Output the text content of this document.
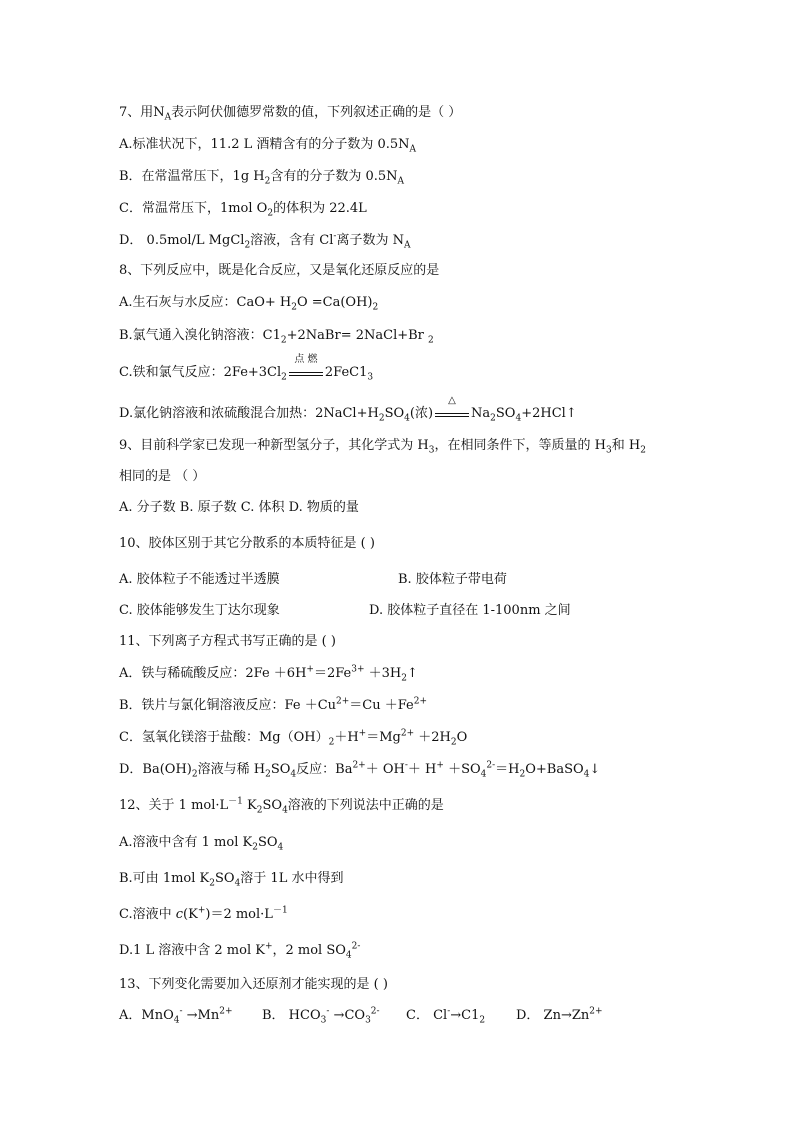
7、用$N_A$表示阿伏伽德罗常数的值，下列叙述正确的是（ ）
A.标准状况下，11.2 L 酒精含有的分子数为 $0.5N_A$
B．在常温常压下，1g $H_2$含有的分子数为 $0.5N_A$
C．常温常压下，1mol $O_2$的体积为 22.4L
D． 0.5mol/L MgCl$_2$溶液，含有 Cl-离子数为 $N_A$
8、下列反应中，既是化合反应，又是氧化还原反应的是
A.生石灰与水反应：$CaO+ H_2O =Ca(OH)_2$
B.氯气通入溴化钠溶液：$C1_2+2NaBr=$ 2NaCl+Br $_2$
C.铁和氯气反应：$2Fe+3Cl_2$
点 燃
$2FeC1_3$
D.氯化钠溶液和浓硫酸混合加热：$2NaCl+H_2SO_4$(浓)
△
$Na_2SO_4+2HCl↑$
9、目前科学家已发现一种新型氢分子，其化学式为 $H_3$，在相同条件下，等质量的 $H_3$和 $H_2$
相同的是 （ ）
A. 分子数 B. 原子数 C. 体积 D. 物质的量
10、胶体区别于其它分散系的本质特征是 ( )
A. 胶体粒子不能透过半透膜	B. 胶体粒子带电荷
C. 胶体能够发生丁达尔现象	D. 胶体粒子直径在 1-100nm 之间
11、下列离子方程式书写正确的是 ( )
A．铁与稀硫酸反应：$2Fe +6H^+=2Fe^{3+}$ $+3H_2↑$
B．铁片与氯化铜溶液反应：$Fe +Cu^{2+}=Cu +Fe^{2+}$
C．氢氧化镁溶于盐酸：$Mg(OH)_2+H^+=Mg^{2+} +2H_2O$
D．$Ba(OH)_2$溶液与稀 $H_2SO_4$反应：$Ba^{2+}+ OH^-+ H^+$ $+SO_4^{2-}=H_2O+BaSO_4↓$
12、关于 1 $mol\cdot L^{-1}$ $K_2SO_4$溶液的下列说法中正确的是
A.溶液中含有 1 mol $K_2SO_4$
B.可由 1mol $K_2SO_4$溶于 1L 水中得到
C.溶液中 c(K+)＝2 $mol\cdot L^{-1}$
D.1 L 溶液中含 2 mol K+，2 mol $SO_4^{2-}$
13、下列变化需要加入还原剂才能实现的是 ( )
A．$MnO_4^- \to Mn^{2+}$ B． $HCO_3^- \to CO_3^{2-}$ C． $Cl^-\to C1_2$ D． $Zn\to Zn^{2+}$
